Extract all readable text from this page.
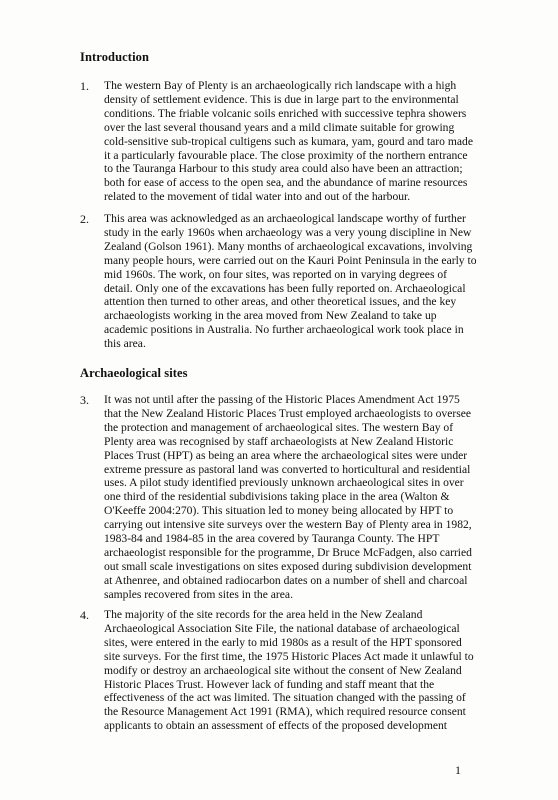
Introduction
1. The western Bay of Plenty is an archaeologically rich landscape with a high
density of settlement evidence. This is due in large part to the environmental
conditions. The friable volcanic soils enriched with successive tephra showers
over the last several thousand years and a mild climate suitable for growing
cold-sensitive sub-tropical cultigens such as kumara, yam, gourd and taro made
it a particularly favourable place. The close proximity of the northern entrance
to the Tauranga Harbour to this study area could also have been an attraction;
both for ease of access to the open sea, and the abundance of marine resources
related to the movement of tidal water into and out of the harbour.

2. This area was acknowledged as an archaeological landscape worthy of further
study in the early 1960s when archaeology was a very young discipline in New
Zealand (Golson 1961). Many months of archaeological excavations, involving
many people hours, were carried out on the Kauri Point Peninsula in the early to
mid 1960s. The work, on four sites, was reported on in varying degrees of
detail. Only one of the excavations has been fully reported on. Archaeological
attention then turned to other areas, and other theoretical issues, and the key
archaeologists working in the area moved from New Zealand to take up
academic positions in Australia. No further archaeological work took place in
this area.

Archaeological sites
3. It was not until after the passing of the Historic Places Amendment Act 1975
that the New Zealand Historic Places Trust employed archaeologists to oversee
the protection and management of archaeological sites. The western Bay of
Plenty area was recognised by staff archaeologists at New Zealand Historic
Places Trust (HPT) as being an area where the archaeological sites were under
extreme pressure as pastoral land was converted to horticultural and residential
uses. A pilot study identified previously unknown archaeological sites in over
one third of the residential subdivisions taking place in the area (Walton &
O'Keeffe 2004:270). This situation led to money being allocated by HPT to
carrying out intensive site surveys over the western Bay of Plenty area in 1982,
1983-84 and 1984-85 in the area covered by Tauranga County. The HPT
archaeologist responsible for the programme, Dr Bruce McFadgen, also carried
out small scale investigations on sites exposed during subdivision development
at Athenree, and obtained radiocarbon dates on a number of shell and charcoal
samples recovered from sites in the area.

4. The majority of the site records for the area held in the New Zealand
Archaeological Association Site File, the national database of archaeological
sites, were entered in the early to mid 1980s as a result of the HPT sponsored
site surveys. For the first time, the 1975 Historic Places Act made it unlawful to
modify or destroy an archaeological site without the consent of New Zealand
Historic Places Trust. However lack of funding and staff meant that the
effectiveness of the act was limited. The situation changed with the passing of
the Resource Management Act 1991 (RMA), which required resource consent
applicants to obtain an assessment of effects of the proposed development

1
